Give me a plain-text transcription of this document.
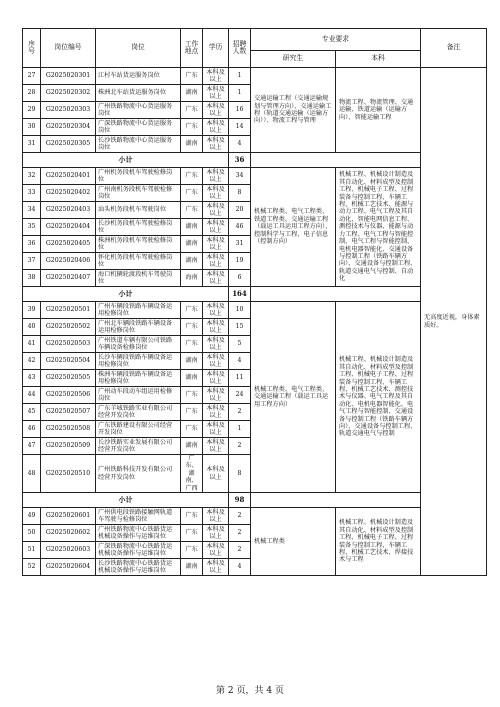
序号	岗位编号	岗位	工作地点	学历	招聘人数	专业要求		备注
						研究生	本科	
27	G2025020301	江村车站货运服务岗位	广东	本科及以上	1	交通运输工程（交通运输规划与管理方向）、交通运输工程（轨道交通运输（运输方向））、物流工程与管理	物流工程、物流管理、交通运输、铁道运输（运输方向）、智能运输工程	无高度近视，身体素质好。
28	G2025020302	株洲北车站货运服务岗位	湖南	本科及以上	1			
29	G2025020303	广州铁路物流中心货运服务岗位	广东	本科及以上	16			
30	G2025020304	广深铁路物流中心货运服务岗位	广东	本科及以上	14			
31	G2025020305	长沙铁路物流中心货运服务岗位	湖南	本科及以上	4			
小计					36			
32	G2025020401	广州机务段机车驾驶检修岗位	广东	本科及以上	34	机械工程类、电气工程类、铁道工程类、交通运输工程（载运工具运用工程方向）、控制科学与工程、电子信息（控制方向）	机械工程、机械设计制造及其自动化、材料成型及控制工程、机械电子工程、过程装备与控制工程、车辆工程、机械工艺技术、能源与动力工程、电气工程及其自动化、智能电网信息工程、测控技术与仪器、能源与动力工程、电气工程与智能控制、电气工程与智能控制、电机电器智能化、交通设备与控制工程（铁路车辆方向）、交通设备与控制工程、轨道交通电气与控制、自动化	
33	G2025020402	广州南机务段机车驾驶检修岗位	广东	本科及以上	8			
34	G2025020403	汕头机务段机车驾驶岗位	广东	本科及以上	20			
35	G2025020404	长沙机务段机车驾驶检修岗位	湖南	本科及以上	46			
36	G2025020405	株洲机务段机车驾驶检修岗位	湖南	本科及以上	31			
37	G2025020406	怀化机务段机车驾驶检修岗位	湖南	本科及以上	19			
38	G2025020407	海口机辆轮渡段机车驾驶岗位	海南	本科及以上	6			
小计					164			
39	G2025020501	广州车辆段铁路车辆设备运用检修岗位	广东	本科及以上	10	机械工程类、电气工程类、交通运输工程（载运工具运用工程方向）	机械工程、机械设计制造及其自动化、材料成型及控制工程、机械电子工程、过程装备与控制工程、车辆工程、机械工艺技术、测控技术与仪器、电气工程及其自动化、电机电器智能化、电气工程与智能控制、交通设备与控制工程（铁路车辆方向）、交通设备与控制工程、轨道交通电气与控制	
40	G2025020502	广州北车辆段铁路车辆设备运用检修岗位	广东	本科及以上	15			
41	G2025020503	广州铁道车辆有限公司铁路车辆设备检修岗位	广东	本科及以上	5			
42	G2025020504	长沙车辆段铁路车辆设备运用检修岗位	湖南	本科及以上	4			
43	G2025020505	株洲车辆段铁路车辆设备运用检修岗位	湖南	本科及以上	11			
44	G2025020506	广州动车段动车组运用检修岗位	广东	本科及以上	24			
45	G2025020507	广东羊城铁路实业有限公司经营开发岗位	广东	本科及以上	2			
46	G2025020508	广东铁路建设有限公司经营开发岗位	广东	本科及以上	1			
47	G2025020509	长沙铁路实业发展有限公司经营开发岗位	湖南	本科及以上	2			
48	G2025020510	广州铁路科技开发有限公司经营开发岗位	广东、湖南、广西	本科及以上	8			
小计					98			
49	G2025020601	广州供电段铁路接触网轨道车驾驶与检修岗位	广东	本科及以上	2	机械工程类	机械工程、机械设计制造及其自动化、材料成型及控制工程、机械电子工程、过程装备与控制工程、车辆工程、机械工艺技术、焊接技术与工程	
50	G2025020602	广州铁路物流中心铁路货运机械设备操作与运维岗位	广东	本科及以上	2			
51	G2025020603	广深铁路物流中心铁路货运机械设备操作与运维岗位	广东	本科及以上	2			
52	G2025020604	长沙铁路物流中心铁路货运机械设备操作与运维岗位	湖南	本科及以上	4			
第 2 页，共 4 页
